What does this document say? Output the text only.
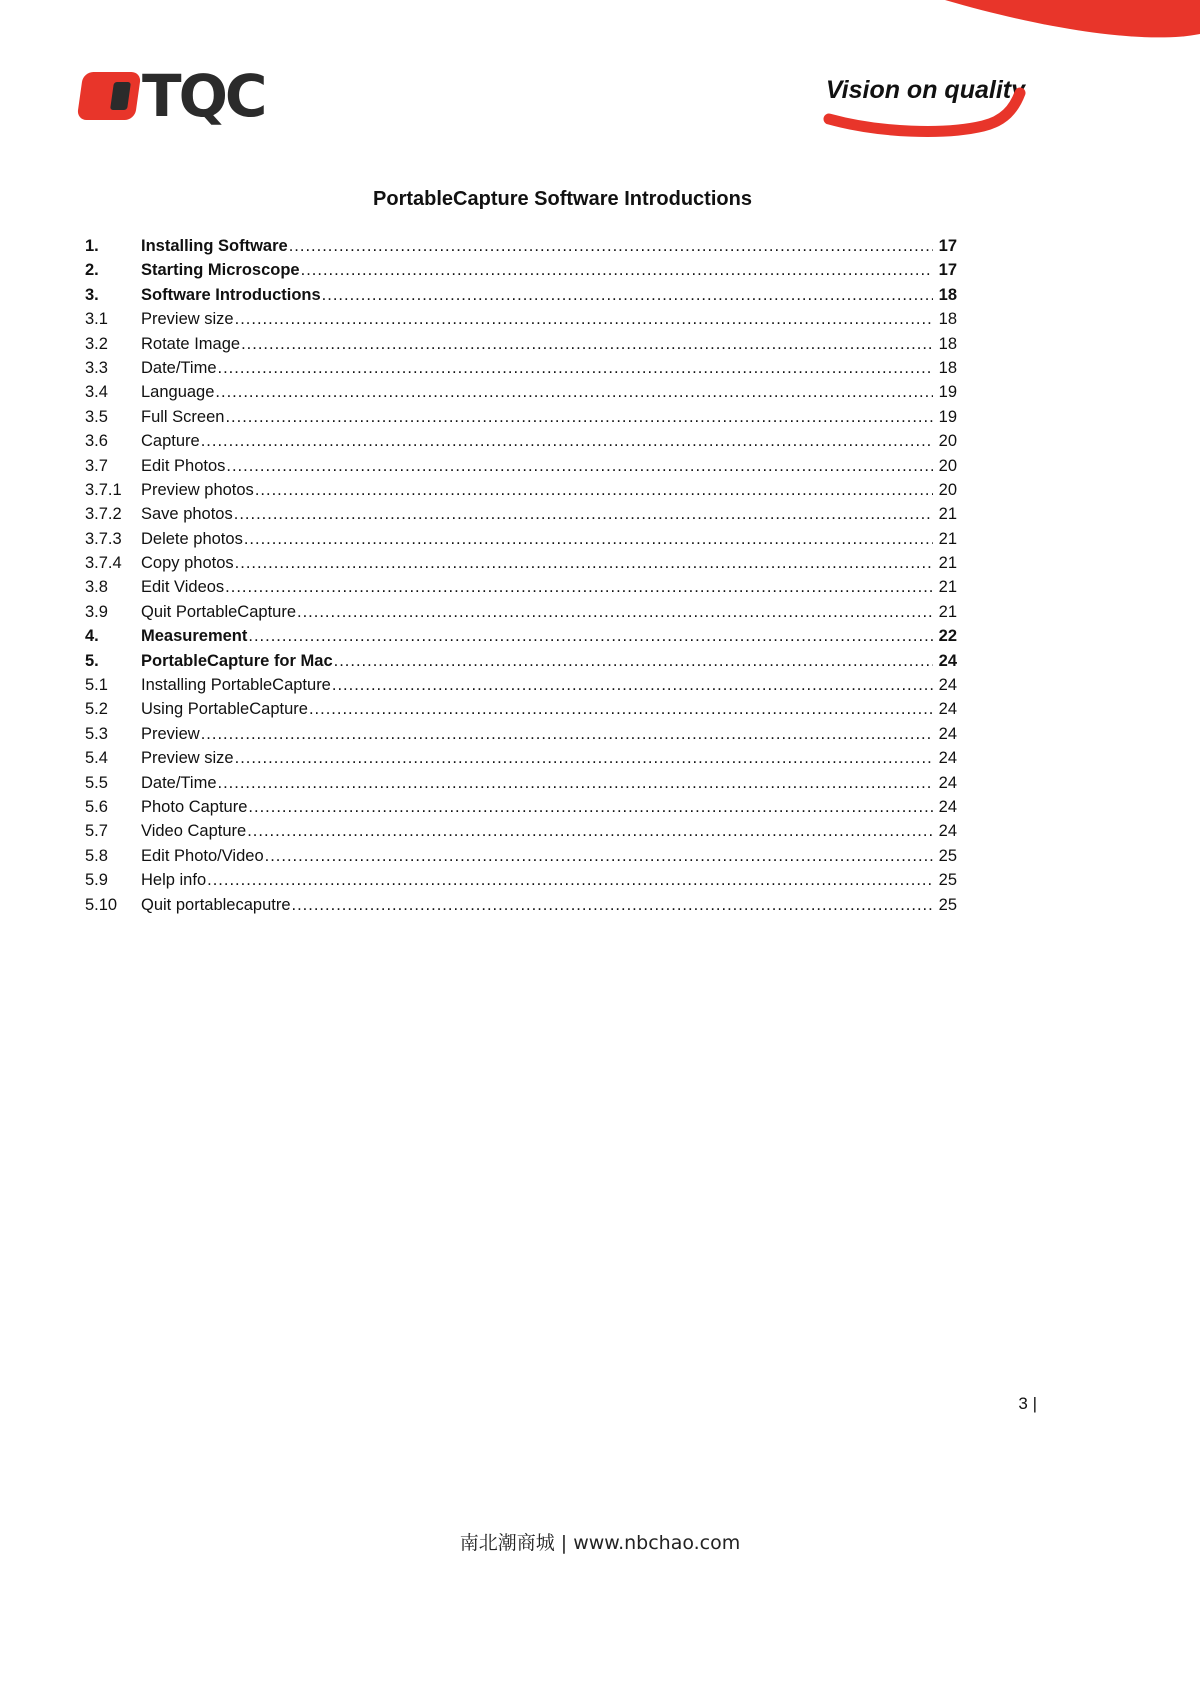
TQC	Vision on quality
PortableCapture Software Introductions
1.	Installing Software .....	17
2.	Starting Microscope .....	17
3.	Software Introductions .....	18
3.1	Preview size .....	18
3.2	Rotate Image .....	18
3.3	Date/Time .....	18
3.4	Language .....	19
3.5	Full Screen .....	19
3.6	Capture .....	20
3.7	Edit Photos .....	20
3.7.1	Preview photos .....	20
3.7.2	Save photos .....	21
3.7.3	Delete photos .....	21
3.7.4	Copy photos .....	21
3.8	Edit Videos .....	21
3.9	Quit PortableCapture .....	21
4.	Measurement .....	22
5.	PortableCapture for Mac .....	24
5.1	Installing PortableCapture .....	24
5.2	Using PortableCapture .....	24
5.3	Preview .....	24
5.4	Preview size .....	24
5.5	Date/Time .....	24
5.6	Photo Capture .....	24
5.7	Video Capture .....	24
5.8	Edit Photo/Video .....	25
5.9	Help info .....	25
5.10	Quit portablecaputre .....	25
3 |
南北潮商城 | www.nbchao.com
